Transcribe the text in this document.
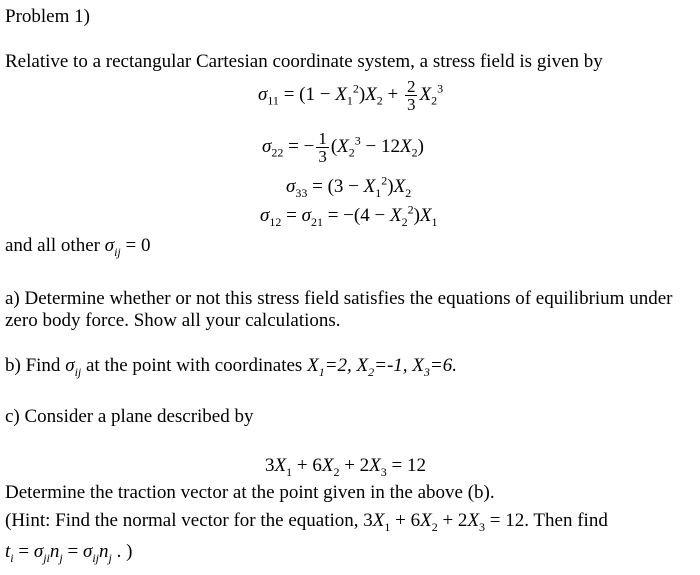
Problem 1)
Relative to a rectangular Cartesian coordinate system, a stress field is given by
$\sigma_{11} = (1 - X_1^2)X_2 + \frac{2}{3} X_2^3$
$\sigma_{22}$ = − $\frac{1}{3} (X_2^3 - 12X_2)$
$\sigma_{33} = (3 - X_1^2)X_2$
$\sigma_{12} = \sigma_{21} = -(4 - X_2^2)X_1$
and all other $\sigma_{ij} = 0$
a) Determine whether or not this stress field satisfies the equations of equilibrium under
zero body force. Show all your calculations.
b) Find $\sigma_{ij}$ at the point with coordinates $X_1=2$, $X_2=-1$, $X_3=6$.
c) Consider a plane described by
$3X_1 + 6X_2 + 2X_3 = 12$
Determine the traction vector at the point given in the above (b).
(Hint: Find the normal vector for the equation, $3X_1 + 6X_2 + 2X_3 = 12$. Then find
$t_i = \sigma_{ji}n_j = \sigma_{ij}n_j$ . )
